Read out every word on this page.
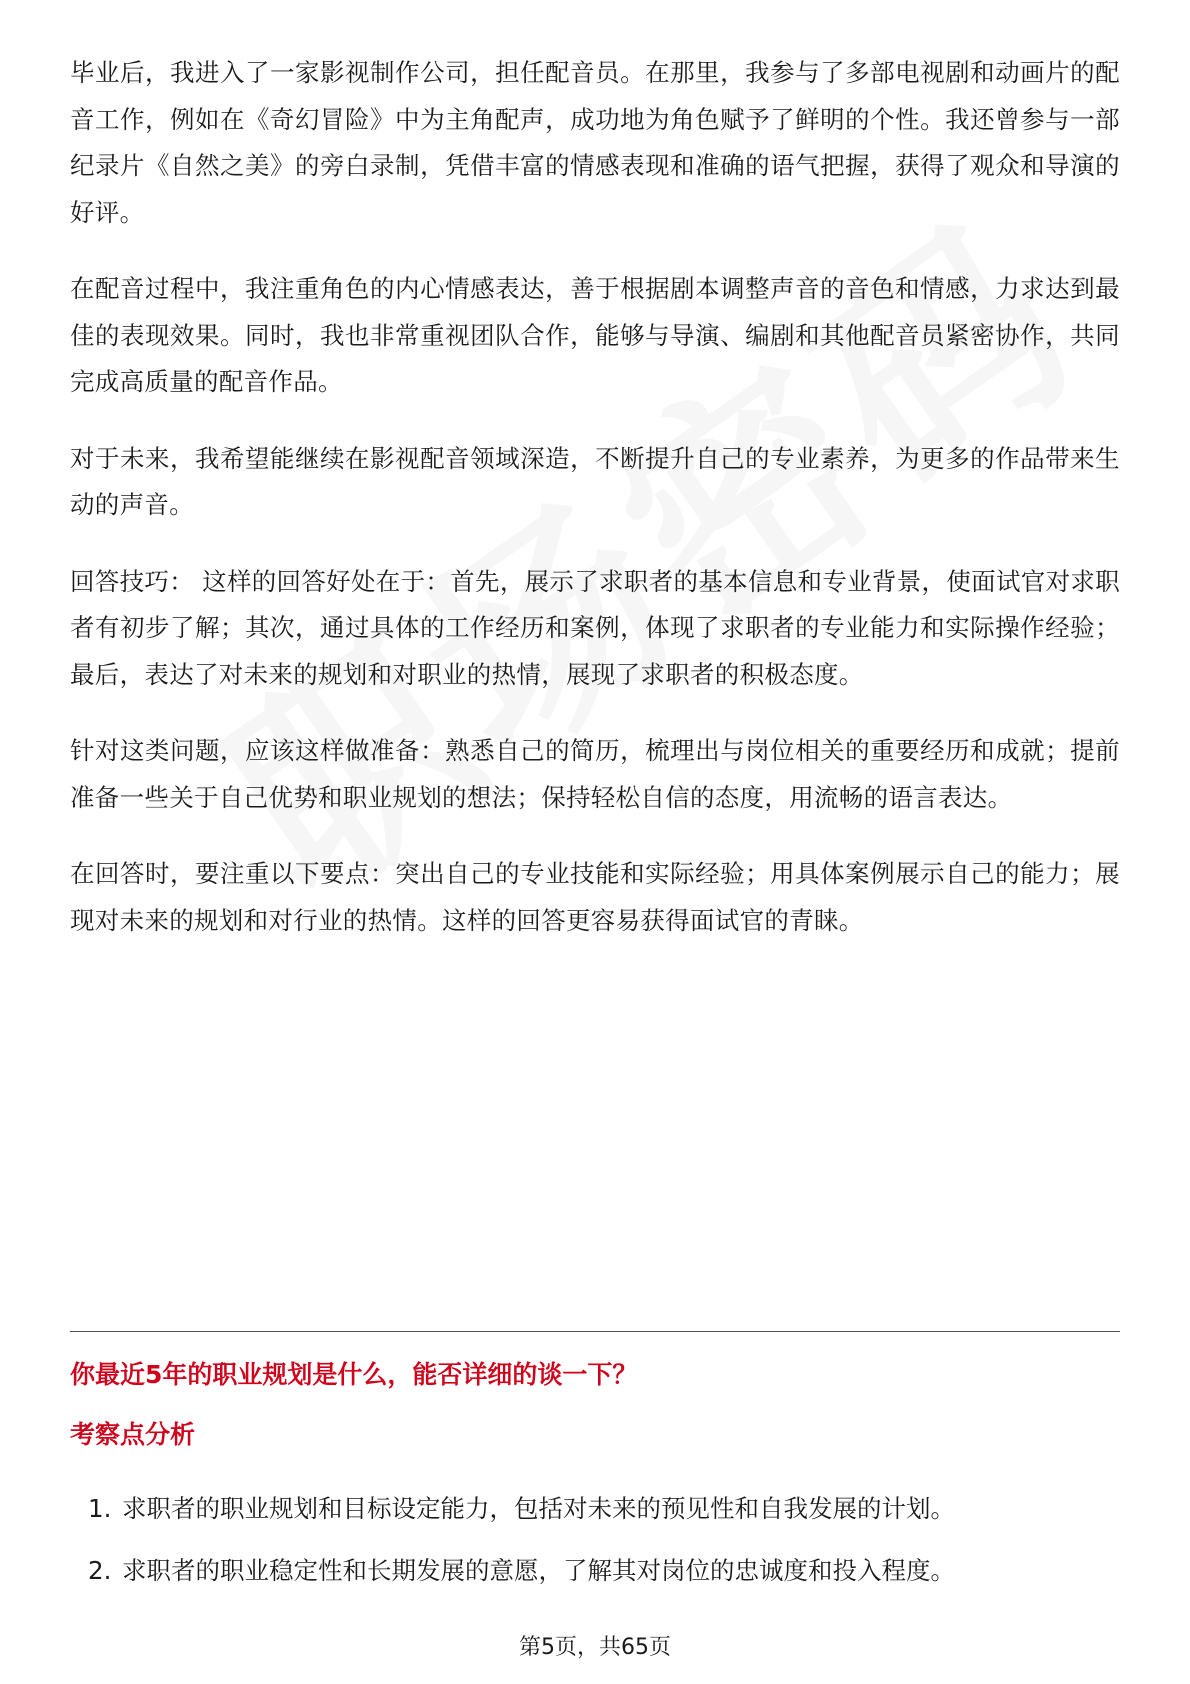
毕业后，我进入了一家影视制作公司，担任配音员。在那里，我参与了多部电视剧和动画片的配音工作，例如在《奇幻冒险》中为主角配声，成功地为角色赋予了鲜明的个性。我还曾参与一部纪录片《自然之美》的旁白录制，凭借丰富的情感表现和准确的语气把握，获得了观众和导演的好评。

在配音过程中，我注重角色的内心情感表达，善于根据剧本调整声音的音色和情感，力求达到最佳的表现效果。同时，我也非常重视团队合作，能够与导演、编剧和其他配音员紧密协作，共同完成高质量的配音作品。

对于未来，我希望能继续在影视配音领域深造，不断提升自己的专业素养，为更多的作品带来生动的声音。

回答技巧： 这样的回答好处在于：首先，展示了求职者的基本信息和专业背景，使面试官对求职者有初步了解；其次，通过具体的工作经历和案例，体现了求职者的专业能力和实际操作经验；最后，表达了对未来的规划和对职业的热情，展现了求职者的积极态度。

针对这类问题，应该这样做准备：熟悉自己的简历，梳理出与岗位相关的重要经历和成就；提前准备一些关于自己优势和职业规划的想法；保持轻松自信的态度，用流畅的语言表达。

在回答时，要注重以下要点：突出自己的专业技能和实际经验；用具体案例展示自己的能力；展现对未来的规划和对行业的热情。这样的回答更容易获得面试官的青睐。

你最近5年的职业规划是什么，能否详细的谈一下？
考察点分析
1. 求职者的职业规划和目标设定能力，包括对未来的预见性和自我发展的计划。
2. 求职者的职业稳定性和长期发展的意愿，了解其对岗位的忠诚度和投入程度。
第5页，共65页
